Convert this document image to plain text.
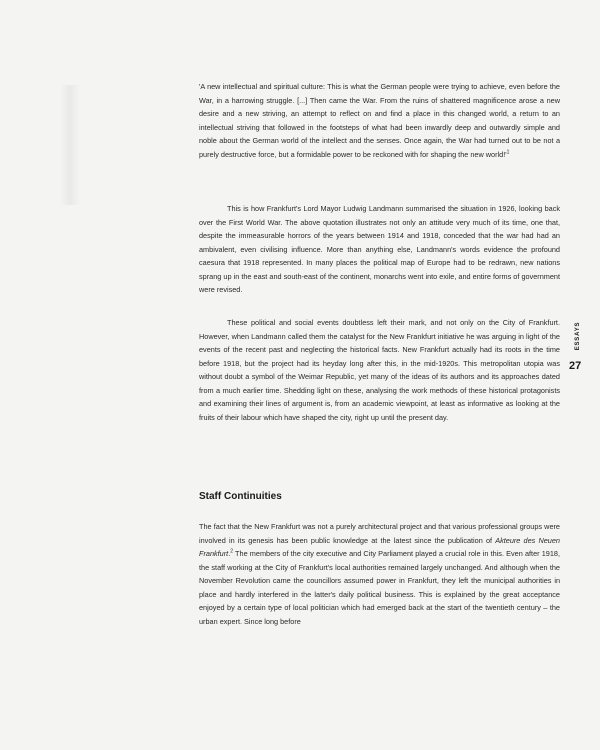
'A new intellectual and spiritual culture: This is what the German people were trying to achieve, even before the War, in a harrowing struggle. [...] Then came the War. From the ruins of shattered magnificence arose a new desire and a new striving, an attempt to reflect on and find a place in this changed world, a return to an intellectual striving that followed in the footsteps of what had been inwardly deep and outwardly simple and noble about the German world of the intellect and the senses. Once again, the War had turned out to be not a purely destructive force, but a formidable power to be reckoned with for shaping the new $world!'^1$

This is how Frankfurt's Lord Mayor Ludwig Landmann summarised the situation in 1926, looking back over the First World War. The above quotation illustrates not only an attitude very much of its time, one that, despite the immeasurable horrors of the years between 1914 and 1918, conceded that the war had had an ambivalent, even civilising influence. More than anything else, Landmann's words evidence the profound caesura that 1918 represented. In many places the political map of Europe had to be redrawn, new nations sprang up in the east and south-east of the continent, monarchs went into exile, and entire forms of government were revised.

These political and social events doubtless left their mark, and not only on the City of Frankfurt. However, when Landmann called them the catalyst for the New Frankfurt initiative he was arguing in light of the events of the recent past and neglecting the historical facts. New Frankfurt actually had its roots in the time before 1918, but the project had its heyday long after this, in the mid-1920s. This metropolitan utopia was without doubt a symbol of the Weimar Republic, yet many of the ideas of its authors and its approaches dated from a much earlier time. Shedding light on these, analysing the work methods of these historical protagonists and examining their lines of argument is, from an academic viewpoint, at least as informative as looking at the fruits of their labour which have shaped the city, right up until the present day.

Staff Continuities

The fact that the New Frankfurt was not a purely architectural project and that various professional groups were involved in its genesis has been public knowledge at the latest since the publication of Akteure des Neuen Frankfurt.$^2$ The members of the city executive and City Parliament played a crucial role in this. Even after 1918, the staff working at the City of Frankfurt's local authorities remained largely unchanged. And although when the November Revolution came the councillors assumed power in Frankfurt, they left the municipal authorities in place and hardly interfered in the latter's daily political business. This is explained by the great acceptance enjoyed by a certain type of local politician which had emerged back at the start of the twentieth century – the urban expert. Since long before

ESSAYS
27
